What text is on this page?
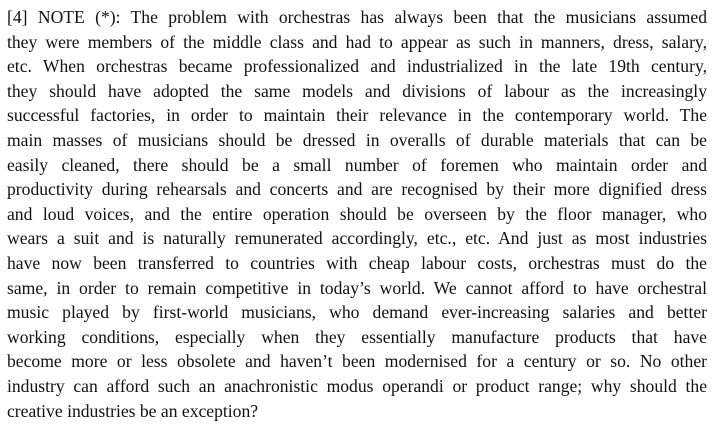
[4] NOTE (*): The problem with orchestras has always been that the musicians assumed
they were members of the middle class and had to appear as such in manners, dress, salary,
etc. When orchestras became professionalized and industrialized in the late 19th century,
they should have adopted the same models and divisions of labour as the increasingly
successful factories, in order to maintain their relevance in the contemporary world. The
main masses of musicians should be dressed in overalls of durable materials that can be
easily cleaned, there should be a small number of foremen who maintain order and
productivity during rehearsals and concerts and are recognised by their more dignified dress
and loud voices, and the entire operation should be overseen by the floor manager, who
wears a suit and is naturally remunerated accordingly, etc., etc. And just as most industries
have now been transferred to countries with cheap labour costs, orchestras must do the
same, in order to remain competitive in today’s world. We cannot afford to have orchestral
music played by first-world musicians, who demand ever-increasing salaries and better
working conditions, especially when they essentially manufacture products that have
become more or less obsolete and haven’t been modernised for a century or so. No other
industry can afford such an anachronistic modus operandi or product range; why should the
creative industries be an exception?
